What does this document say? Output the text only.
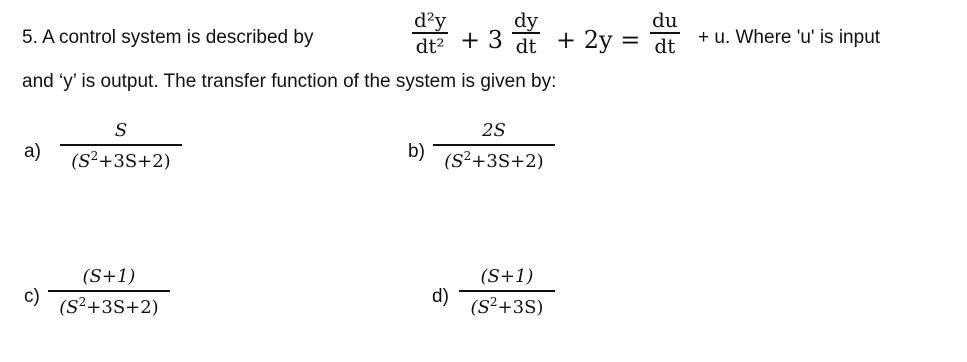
5. A control system is described by
d²y
dt² + 3
dy
dt + 2y =
du
dt + u. Where 'u' is input
and ‘y’ is output. The transfer function of the system is given by:
a)
S
$(S^2+3S+2)$	b)
2S
$(S^2+3S+2)$
c)
(S+1)
$(S^2+3S+2)$	d)
(S+1)
$(S^2+3S)$
